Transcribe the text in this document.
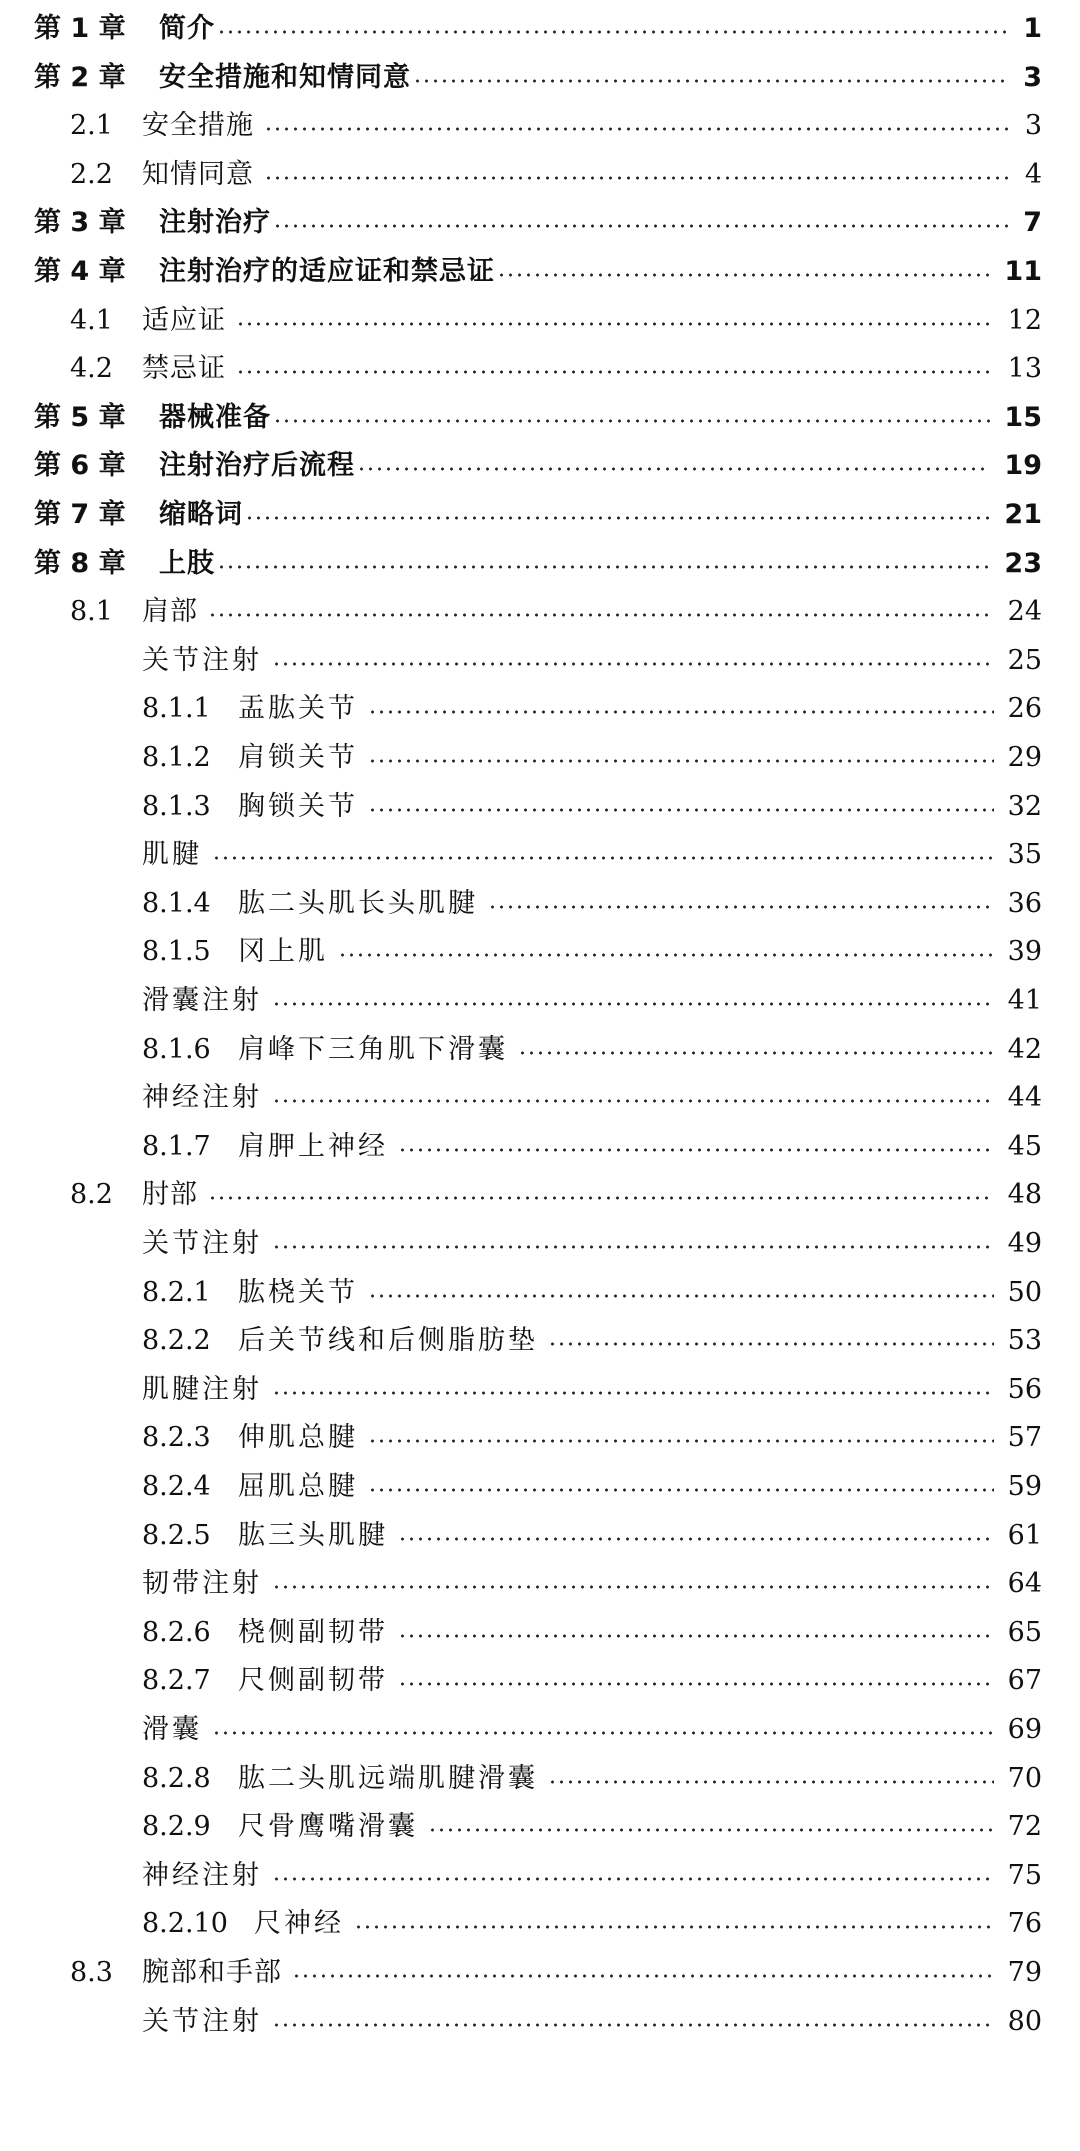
第 1 章	简介	1
第 2 章	安全措施和知情同意	3
2.1	安全措施	3
2.2	知情同意	4
第 3 章	注射治疗	7
第 4 章	注射治疗的适应证和禁忌证	11
4.1	适应证	12
4.2	禁忌证	13
第 5 章	器械准备	15
第 6 章	注射治疗后流程	19
第 7 章	缩略词	21
第 8 章	上肢	23
8.1	肩部	24
关节注射	25
8.1.1	盂肱关节	26
8.1.2	肩锁关节	29
8.1.3	胸锁关节	32
肌腱	35
8.1.4	肱二头肌长头肌腱	36
8.1.5	冈上肌	39
滑囊注射	41
8.1.6	肩峰下三角肌下滑囊	42
神经注射	44
8.1.7	肩胛上神经	45
8.2	肘部	48
关节注射	49
8.2.1	肱桡关节	50
8.2.2	后关节线和后侧脂肪垫	53
肌腱注射	56
8.2.3	伸肌总腱	57
8.2.4	屈肌总腱	59
8.2.5	肱三头肌腱	61
韧带注射	64
8.2.6	桡侧副韧带	65
8.2.7	尺侧副韧带	67
滑囊	69
8.2.8	肱二头肌远端肌腱滑囊	70
8.2.9	尺骨鹰嘴滑囊	72
神经注射	75
8.2.10 尺神经	76
8.3	腕部和手部	79
关节注射	80
